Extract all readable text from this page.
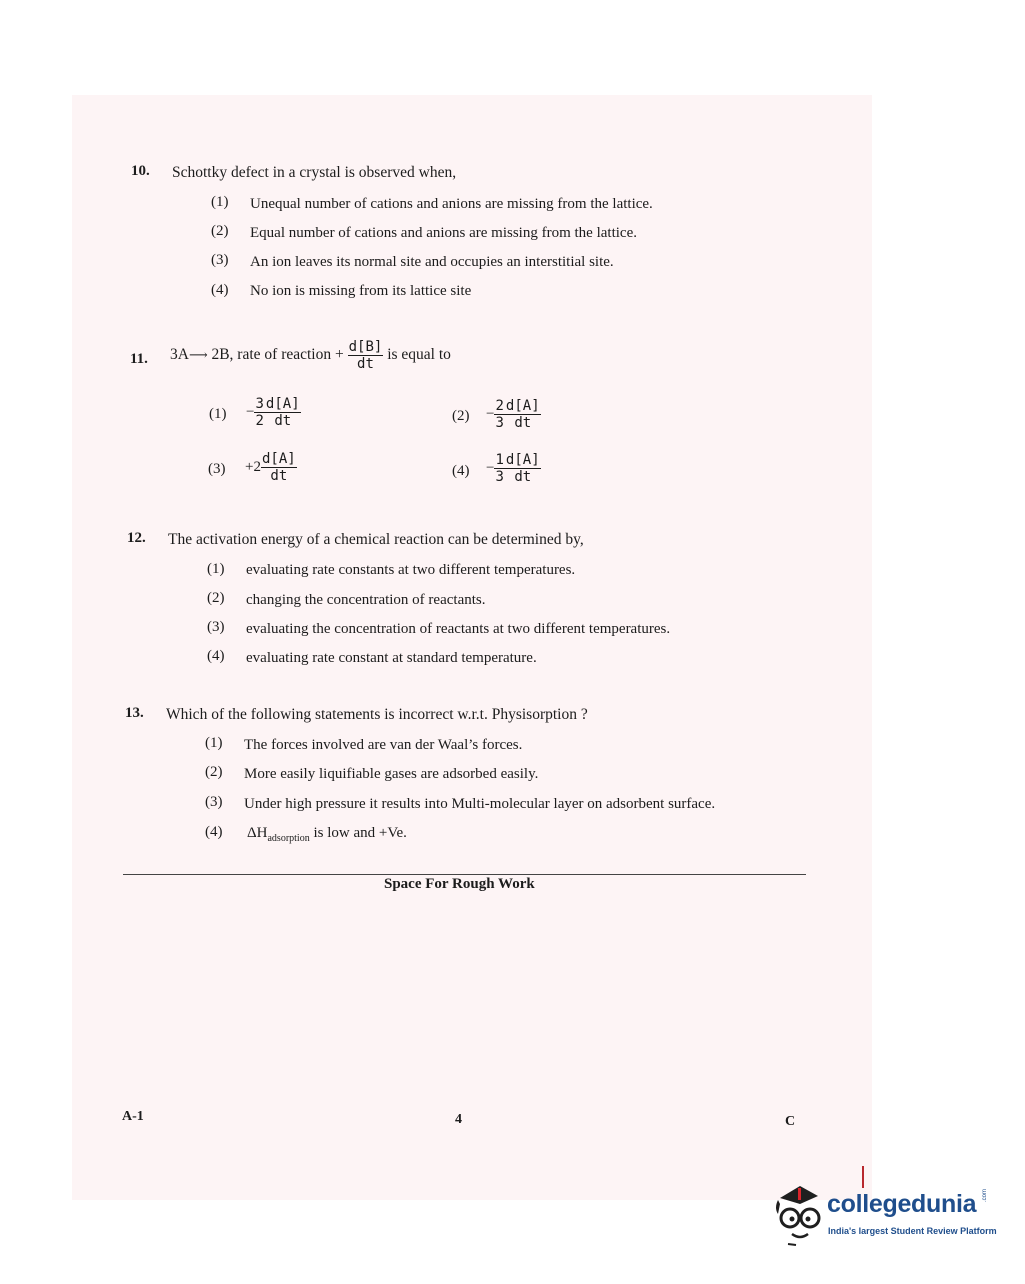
10. Schottky defect in a crystal is observed when,
(1) Unequal number of cations and anions are missing from the lattice.
(2) Equal number of cations and anions are missing from the lattice.
(3) An ion leaves its normal site and occupies an interstitial site.
(4) No ion is missing from its lattice site
11. 3A⟶ 2B, rate of reaction + $\frac{d[B]}{dt}$ is equal to
$(1) - \frac{3}{2} \frac{d[A]}{dt}$	$(2) - \frac{2}{3} \frac{d[A]}{dt}$
$(3) +2 \frac{d[A]}{dt}$	$(4) - \frac{1}{3} \frac{d[A]}{dt}$
12. The activation energy of a chemical reaction can be determined by,
(1) evaluating rate constants at two different temperatures.
(2) changing the concentration of reactants.
(3) evaluating the concentration of reactants at two different temperatures.
(4) evaluating rate constant at standard temperature.
13. Which of the following statements is incorrect w.r.t. Physisorption ?
(1) The forces involved are van der Waal’s forces.
(2) More easily liquifiable gases are adsorbed easily.
(3) Under high pressure it results into Multi-molecular layer on adsorbent surface.
(4) $\Delta H_{adsorption}$ is low and +Ve.
Space For Rough Work
A-1	4	C
collegedunia .com
India's largest Student Review Platform
